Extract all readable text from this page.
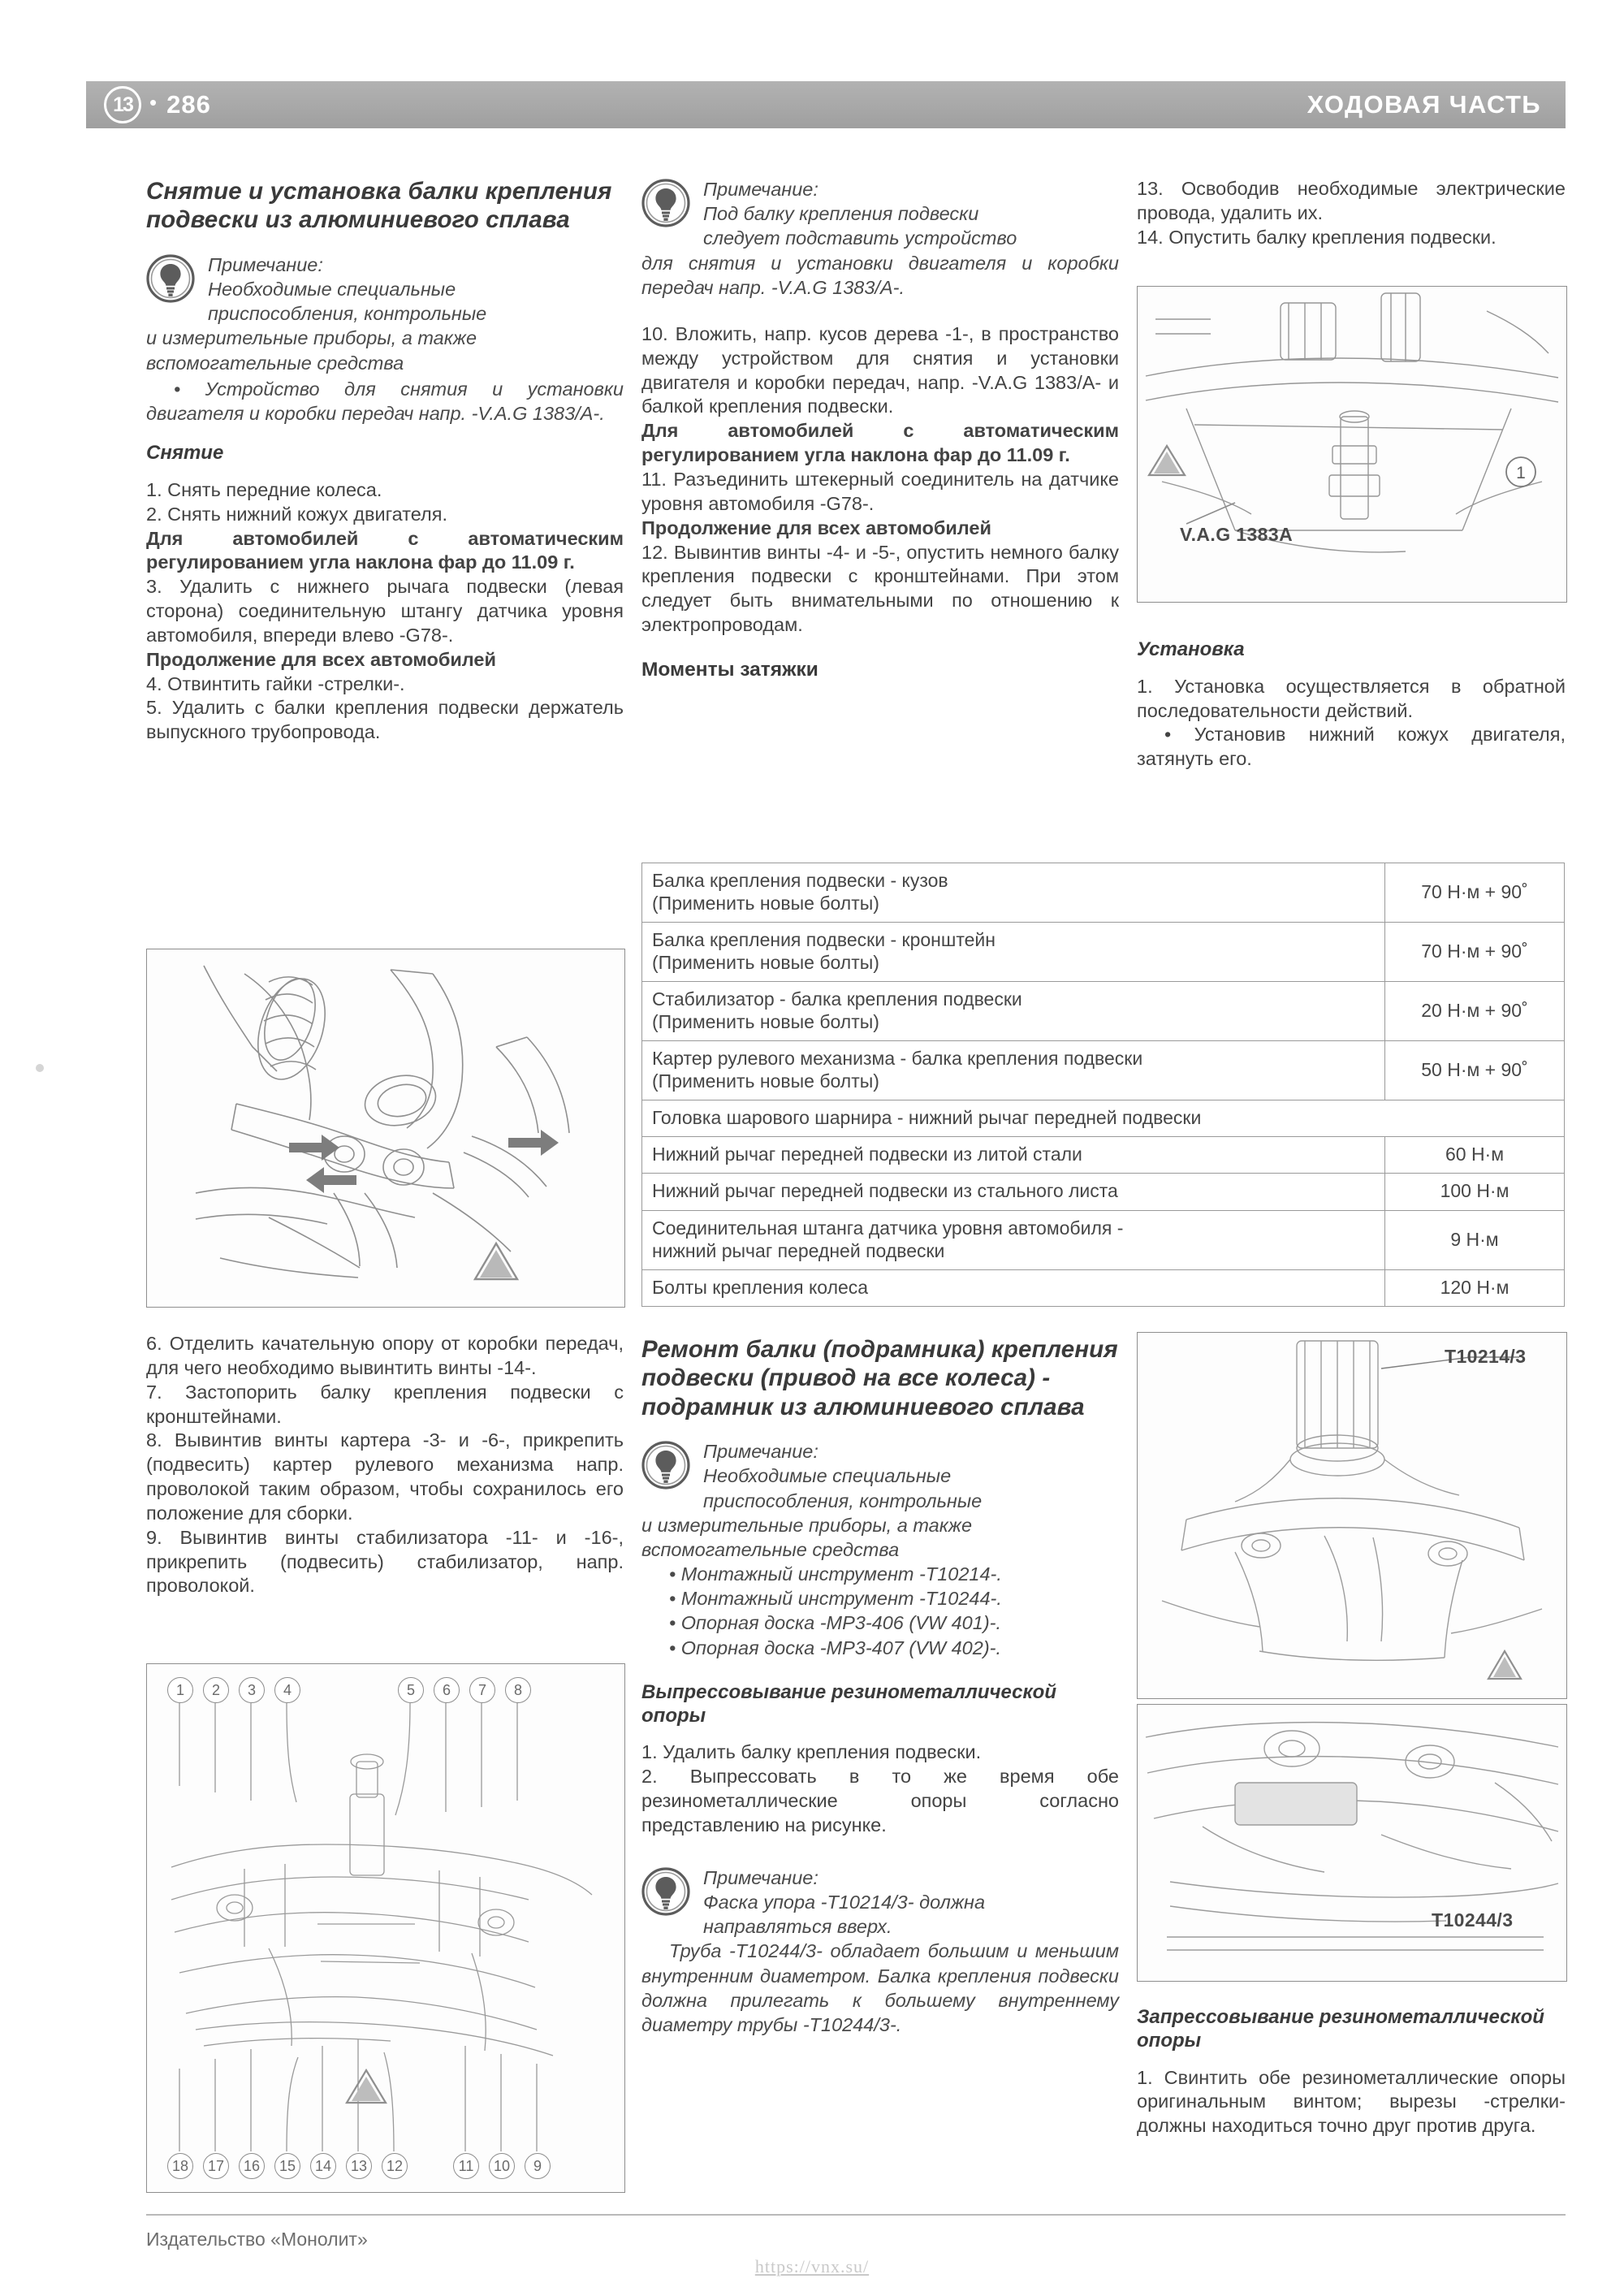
13 • 286	ХОДОВАЯ ЧАСТЬ
Снятие и установка балки крепления подвески из алюминиевого сплава

Примечание:

Необходимые специальные

приспособления, контрольные

и измерительные приборы, а также

вспомогательные средства

• Устройство для снятия и установки двигателя и коробки передач напр. -V.A.G 1383/A-.

Снятие

1. Снять передние колеса.

2. Снять нижний кожух двигателя.

Для автомобилей с автоматическим регулированием угла наклона фар до 11.09 г.

3. Удалить с нижнего рычага подвески (левая сторона) соединительную штангу датчика уровня автомобиля, впереди влево -G78-.

Продолжение для всех автомобилей

4. Отвинтить гайки -стрелки-.

5. Удалить с балки крепления подвески держатель выпускного трубопровода.

6. Отделить качательную опору от коробки передач, для чего необходимо вывинтить винты -14-.

7. Застопорить балку крепления подвески с кронштейнами.

8. Вывинтив винты картера -3- и -6-, прикрепить (подвесить) картер рулевого механизма напр. проволокой таким образом, чтобы сохранилось его положение для сборки.

9. Вывинтив винты стабилизатора -11- и -16-, прикрепить (подвесить) стабилизатор, напр. проволокой.

1	2	3	4	5	6	7	8
18	17	16	15	14	13	12	11	10	9

Примечание:

Под балку крепления подвески

следует подставить устройство

для снятия и установки двигателя и коробки передач напр. -V.A.G 1383/A-.

10. Вложить, напр. кусов дерева -1-, в пространство между устройством для снятия и установки двигателя и коробки передач, напр. -V.A.G 1383/A- и балкой крепления подвески.

Для автомобилей с автоматическим регулированием угла наклона фар до 11.09 г.

11. Разъединить штекерный соединитель на датчике уровня автомобиля -G78-.

Продолжение для всех автомобилей

12. Вывинтив винты -4- и -5-, опустить немного балку крепления подвески с кронштейнами. При этом следует быть внимательными по отношению к электропроводам.

Моменты затяжки
Балка крепления подвески - кузов
(Применить новые болты)	70 Н·м + 90˚
Балка крепления подвески - кронштейн
(Применить новые болты)	70 Н·м + 90˚
Стабилизатор - балка крепления подвески
(Применить новые болты)	20 Н·м + 90˚
Картер рулевого механизма - балка крепления подвески
(Применить новые болты)	50 Н·м + 90˚
Головка шарового шарнира - нижний рычаг передней подвески	
Нижний рычаг передней подвески из литой стали	60 Н·м
Нижний рычаг передней подвески из стального листа	100 Н·м
Соединительная штанга датчика уровня автомобиля -
нижний рычаг передней подвески	9 Н·м
Болты крепления колеса	120 Н·м
Ремонт балки (подрамника) крепления подвески (привод на все колеса) - подрамник из алюминиевого сплава

Примечание:

Необходимые специальные

приспособления, контрольные

и измерительные приборы, а также

вспомогательные средства

• Монтажный инструмент -T10214-.

• Монтажный инструмент -T10244-.

• Опорная доска -MP3-406 (VW 401)-.

• Опорная доска -MP3-407 (VW 402)-.

Выпрессовывание резинометаллической опоры

1. Удалить балку крепления подвески.

2. Выпрессовать в то же время обе резинометаллические опоры согласно представлению на рисунке.

Примечание:

Фаска упора -T10214/3- должна

направляться вверх.

Труба -T10244/3- обладает большим и меньшим внутренним диаметром. Балка крепления подвески должна прилегать к большему внутреннему диаметру трубы -T10244/3-.

13. Освободив необходимые электрические провода, удалить их.

14. Опустить балку крепления подвески.

1
V.A.G 1383A
Установка

1. Установка осуществляется в обратной последовательности действий.

• Установив нижний кожух двигателя, затянуть его.

T10214/3
T10244/3
Запрессовывание резинометаллической опоры

1. Свинтить обе резинометаллические опоры оригинальным винтом; вырезы -стрелки- должны находиться точно друг против друга.

Издательство «Монолит»
https://vnx.su/
